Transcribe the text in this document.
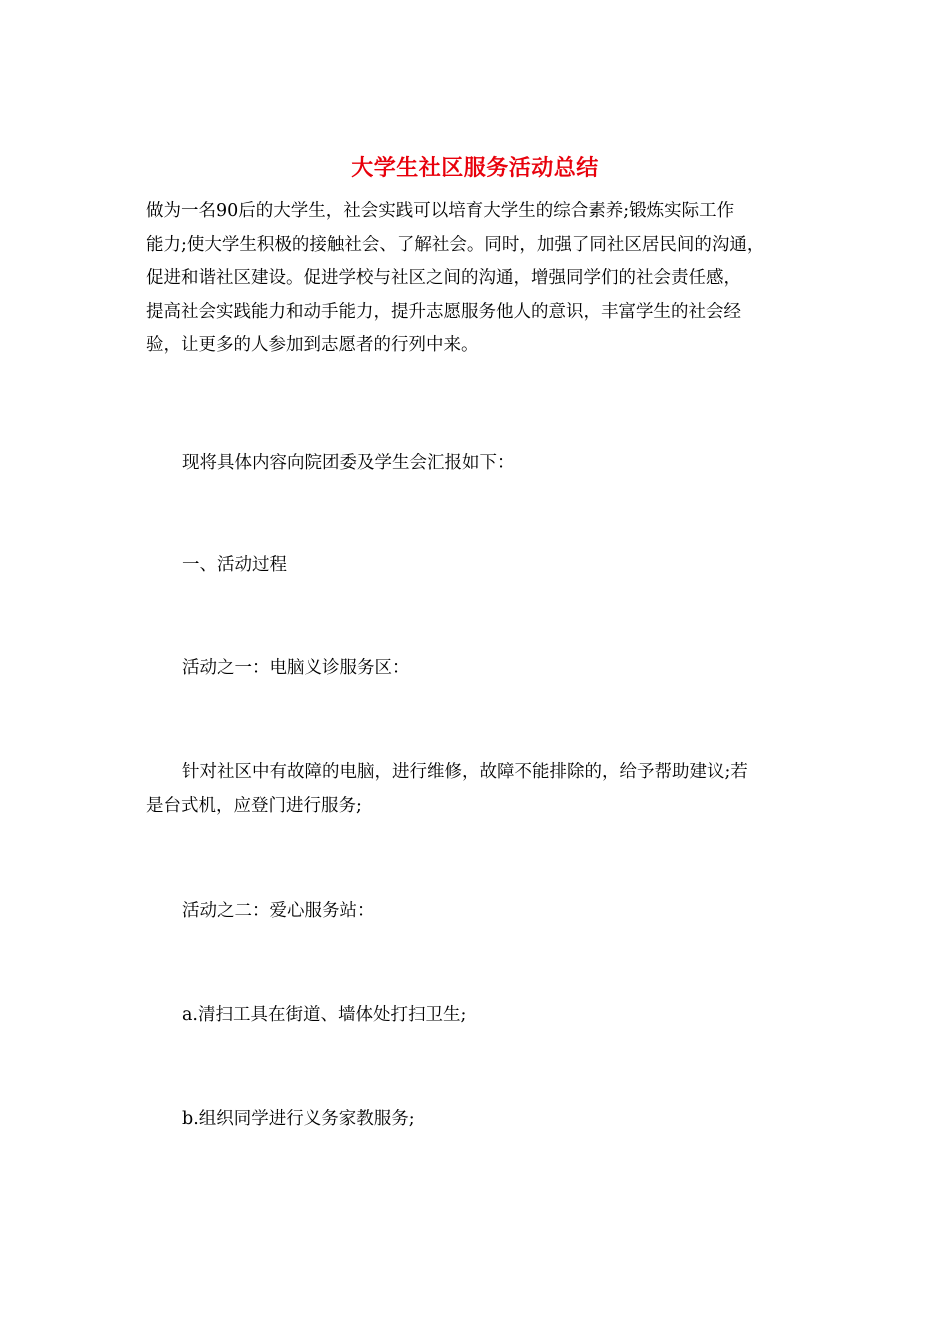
大学生社区服务活动总结
做为一名90后的大学生，社会实践可以培育大学生的综合素养;锻炼实际工作
能力;使大学生积极的接触社会、了解社会。同时，加强了同社区居民间的沟通，
促进和谐社区建设。促进学校与社区之间的沟通，增强同学们的社会责任感，
提高社会实践能力和动手能力，提升志愿服务他人的意识，丰富学生的社会经
验，让更多的人参加到志愿者的行列中来。
现将具体内容向院团委及学生会汇报如下：
一、活动过程
活动之一：电脑义诊服务区：
针对社区中有故障的电脑，进行维修，故障不能排除的，给予帮助建议;若
是台式机，应登门进行服务;
活动之二：爱心服务站：
a.清扫工具在街道、墙体处打扫卫生;
b.组织同学进行义务家教服务;
